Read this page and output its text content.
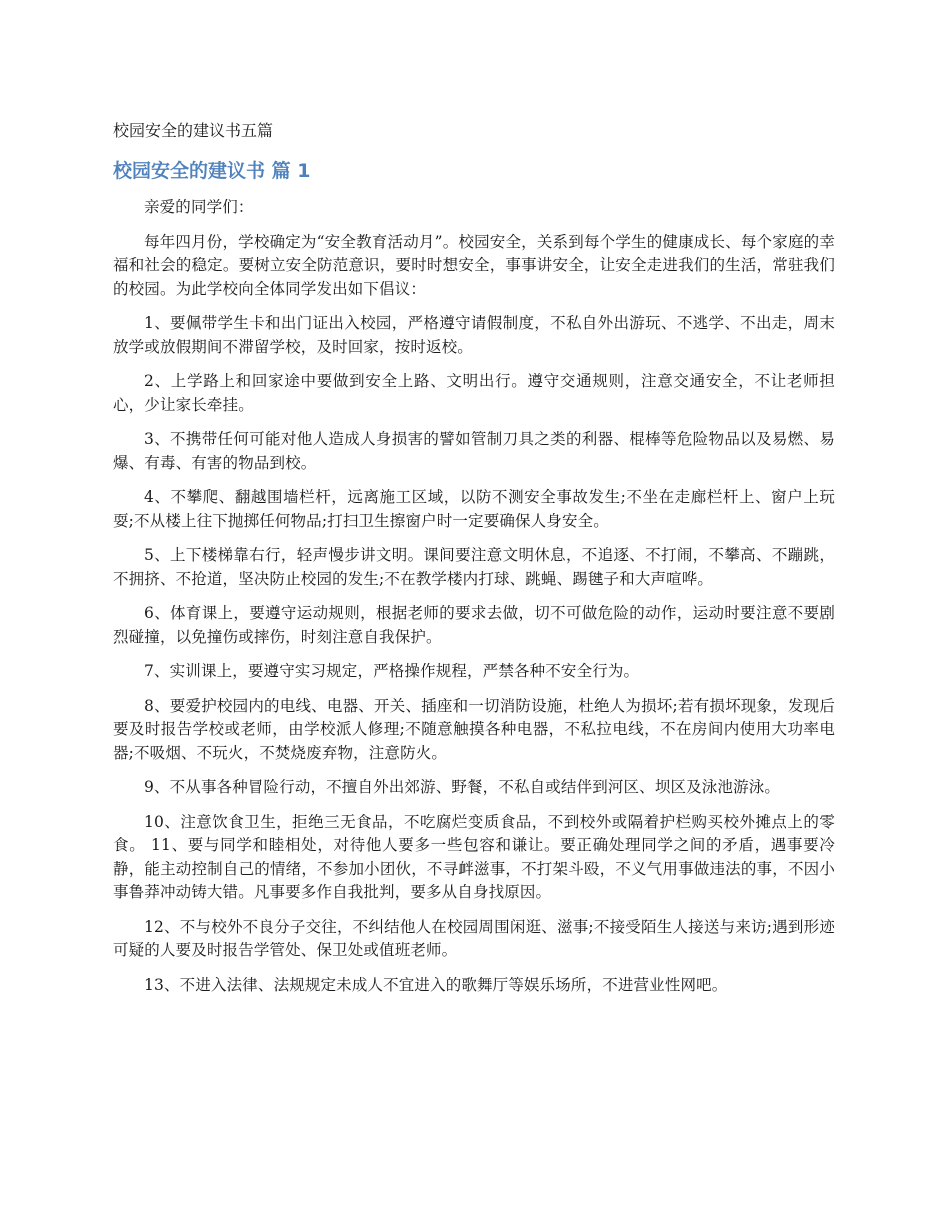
校园安全的建议书五篇
校园安全的建议书 篇 1

亲爱的同学们：

每年四月份，学校确定为“安全教育活动月”。校园安全，关系到每个学生的健康成长、每个家庭的幸福和社会的稳定。要树立安全防范意识，要时时想安全，事事讲安全，让安全走进我们的生活，常驻我们的校园。为此学校向全体同学发出如下倡议：

1、要佩带学生卡和出门证出入校园，严格遵守请假制度，不私自外出游玩、不逃学、不出走，周末放学或放假期间不滞留学校，及时回家，按时返校。

2、上学路上和回家途中要做到安全上路、文明出行。遵守交通规则，注意交通安全，不让老师担心，少让家长牵挂。

3、不携带任何可能对他人造成人身损害的譬如管制刀具之类的利器、棍棒等危险物品以及易燃、易爆、有毒、有害的物品到校。

4、不攀爬、翻越围墙栏杆，远离施工区域，以防不测安全事故发生;不坐在走廊栏杆上、窗户上玩耍;不从楼上往下抛掷任何物品;打扫卫生擦窗户时一定要确保人身安全。

5、上下楼梯靠右行，轻声慢步讲文明。课间要注意文明休息，不追逐、不打闹，不攀高、不蹦跳，不拥挤、不抢道，坚决防止校园的发生;不在教学楼内打球、跳蝇、踢毽子和大声喧哗。

6、体育课上，要遵守运动规则，根据老师的要求去做，切不可做危险的动作，运动时要注意不要剧烈碰撞，以免撞伤或摔伤，时刻注意自我保护。

7、实训课上，要遵守实习规定，严格操作规程，严禁各种不安全行为。

8、要爱护校园内的电线、电器、开关、插座和一切消防设施，杜绝人为损坏;若有损坏现象，发现后要及时报告学校或老师，由学校派人修理;不随意触摸各种电器，不私拉电线，不在房间内使用大功率电器;不吸烟、不玩火，不焚烧废弃物，注意防火。

9、不从事各种冒险行动，不擅自外出郊游、野餐，不私自或结伴到河区、坝区及泳池游泳。

10、注意饮食卫生，拒绝三无食品，不吃腐烂变质食品，不到校外或隔着护栏购买校外摊点上的零食。 11、要与同学和睦相处，对待他人要多一些包容和谦让。要正确处理同学之间的矛盾，遇事要冷静，能主动控制自己的情绪，不参加小团伙，不寻衅滋事，不打架斗殴，不义气用事做违法的事，不因小事鲁莽冲动铸大错。凡事要多作自我批判，要多从自身找原因。

12、不与校外不良分子交往，不纠结他人在校园周围闲逛、滋事;不接受陌生人接送与来访;遇到形迹可疑的人要及时报告学管处、保卫处或值班老师。

13、不进入法律、法规规定未成人不宜进入的歌舞厅等娱乐场所，不进营业性网吧。
